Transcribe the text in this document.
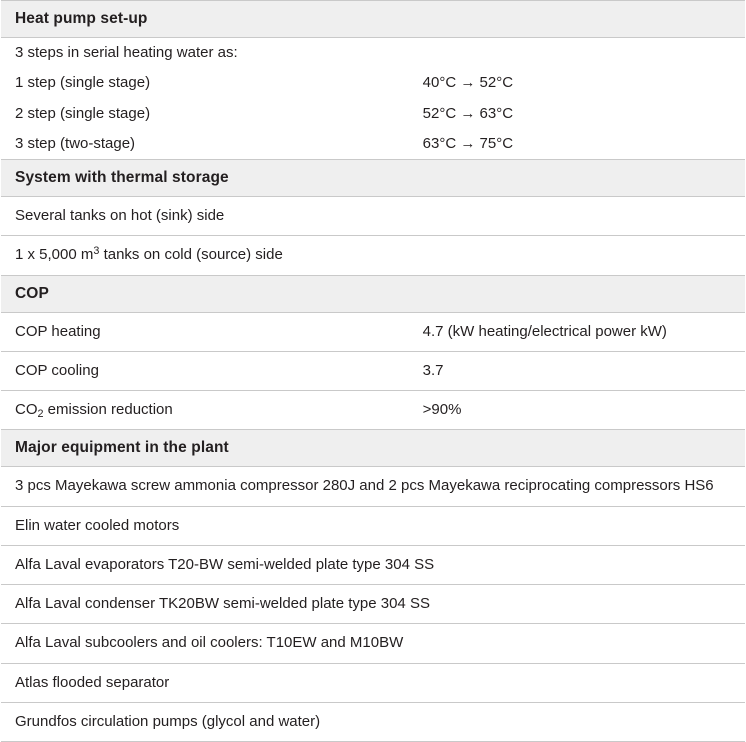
Heat pump set-up	
3 steps in serial heating water as:	
1 step (single stage)	40°C → 52°C
2 step (single stage)	52°C → 63°C
3 step (two-stage)	63°C → 75°C
System with thermal storage	
Several tanks on hot (sink) side	
1 x 5,000 $m^3$ tanks on cold (source) side	
COP	
COP heating	4.7 (kW heating/electrical power kW)
COP cooling	3.7
$CO_2$ emission reduction	>90%
Major equipment in the plant	
3 pcs Mayekawa screw ammonia compressor 280J and 2 pcs Mayekawa reciprocating compressors HS6	
Elin water cooled motors	
Alfa Laval evaporators T20-BW semi-welded plate type 304 SS	
Alfa Laval condenser TK20BW semi-welded plate type 304 SS	
Alfa Laval subcoolers and oil coolers: T10EW and M10BW	
Atlas flooded separator	
Grundfos circulation pumps (glycol and water)	
